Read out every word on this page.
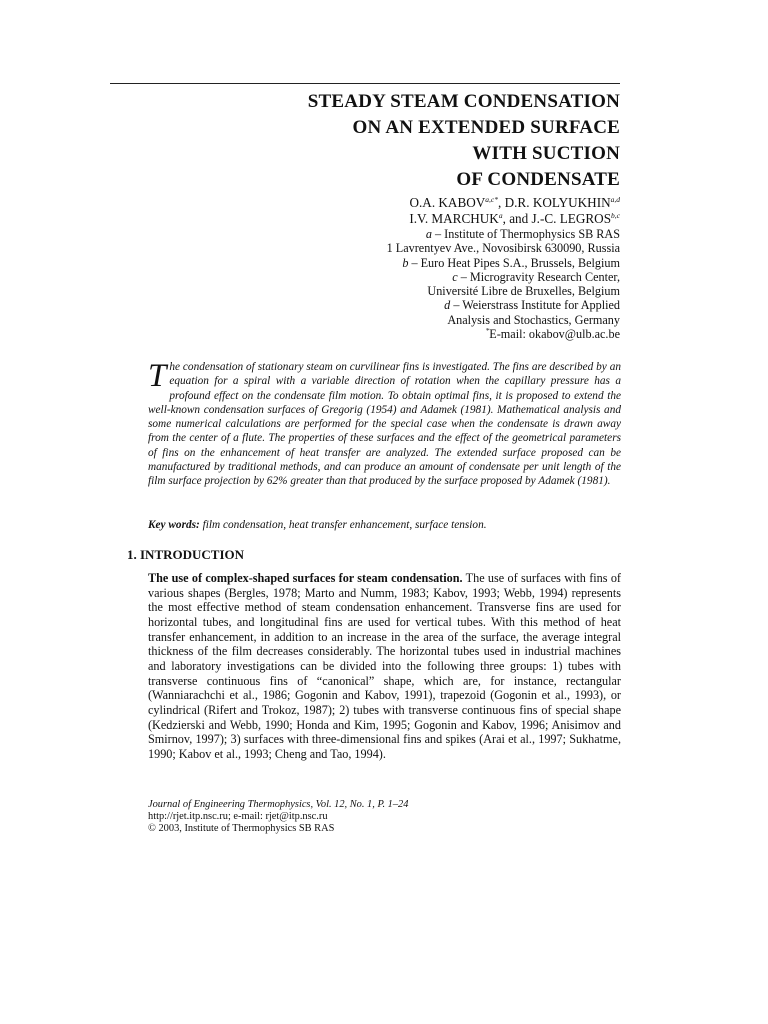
STEADY STEAM CONDENSATION
ON AN EXTENDED SURFACE
WITH SUCTION
OF CONDENSATE
O.A. $KABOV^{a,c*}$, D.R. KOLYUKHIN$^{a,d}$
I.V. MARCHUK$^a$, and J.-C. LEGROS$^{b,c}$
a – Institute of Thermophysics SB RAS
1 Lavrentyev Ave., Novosibirsk 630090, Russia
b – Euro Heat Pipes S.A., Brussels, Belgium
c – Microgravity Research Center,
Université Libre de Bruxelles, Belgium
d – Weierstrass Institute for Applied
Analysis and Stochastics, Germany
*E-mail: okabov@ulb.ac.be
The condensation of stationary steam on curvilinear fins is investigated. The fins are described by an equation for a spiral with a variable direction of rotation when the capillary pressure has a profound effect on the condensate film motion. To obtain optimal fins, it is proposed to extend the well-known condensation surfaces of Gregorig (1954) and Adamek (1981). Mathematical analysis and some numerical calculations are performed for the special case when the condensate is drawn away from the center of a flute. The properties of these surfaces and the effect of the geometrical parameters of fins on the enhancement of heat transfer are analyzed. The extended surface proposed can be manufactured by traditional methods, and can produce an amount of condensate per unit length of the film surface projection by 62% greater than that produced by the surface proposed by Adamek (1981).
Key words: film condensation, heat transfer enhancement, surface tension.
1. INTRODUCTION
The use of complex-shaped surfaces for steam condensation. The use of surfaces with fins of various shapes (Bergles, 1978; Marto and Numm, 1983; Kabov, 1993; Webb, 1994) represents the most effective method of steam condensation enhancement. Transverse fins are used for horizontal tubes, and longitudinal fins are used for vertical tubes. With this method of heat transfer enhancement, in addition to an increase in the area of the surface, the average integral thickness of the film decreases considerably. The horizontal tubes used in industrial machines and laboratory investigations can be divided into the following three groups: 1) tubes with transverse continuous fins of “canonical” shape, which are, for instance, rectangular (Wanniarachchi et al., 1986; Gogonin and Kabov, 1991), trapezoid (Gogonin et al., 1993), or cylindrical (Rifert and Trokoz, 1987); 2) tubes with transverse continuous fins of special shape (Kedzierski and Webb, 1990; Honda and Kim, 1995; Gogonin and Kabov, 1996; Anisimov and Smirnov, 1997); 3) surfaces with three-dimensional fins and spikes (Arai et al., 1997; Sukhatme, 1990; Kabov et al., 1993; Cheng and Tao, 1994).
Journal of Engineering Thermophysics, Vol. 12, No. 1, P. 1–24
http://rjet.itp.nsc.ru; e-mail: rjet@itp.nsc.ru
© 2003, Institute of Thermophysics SB RAS
